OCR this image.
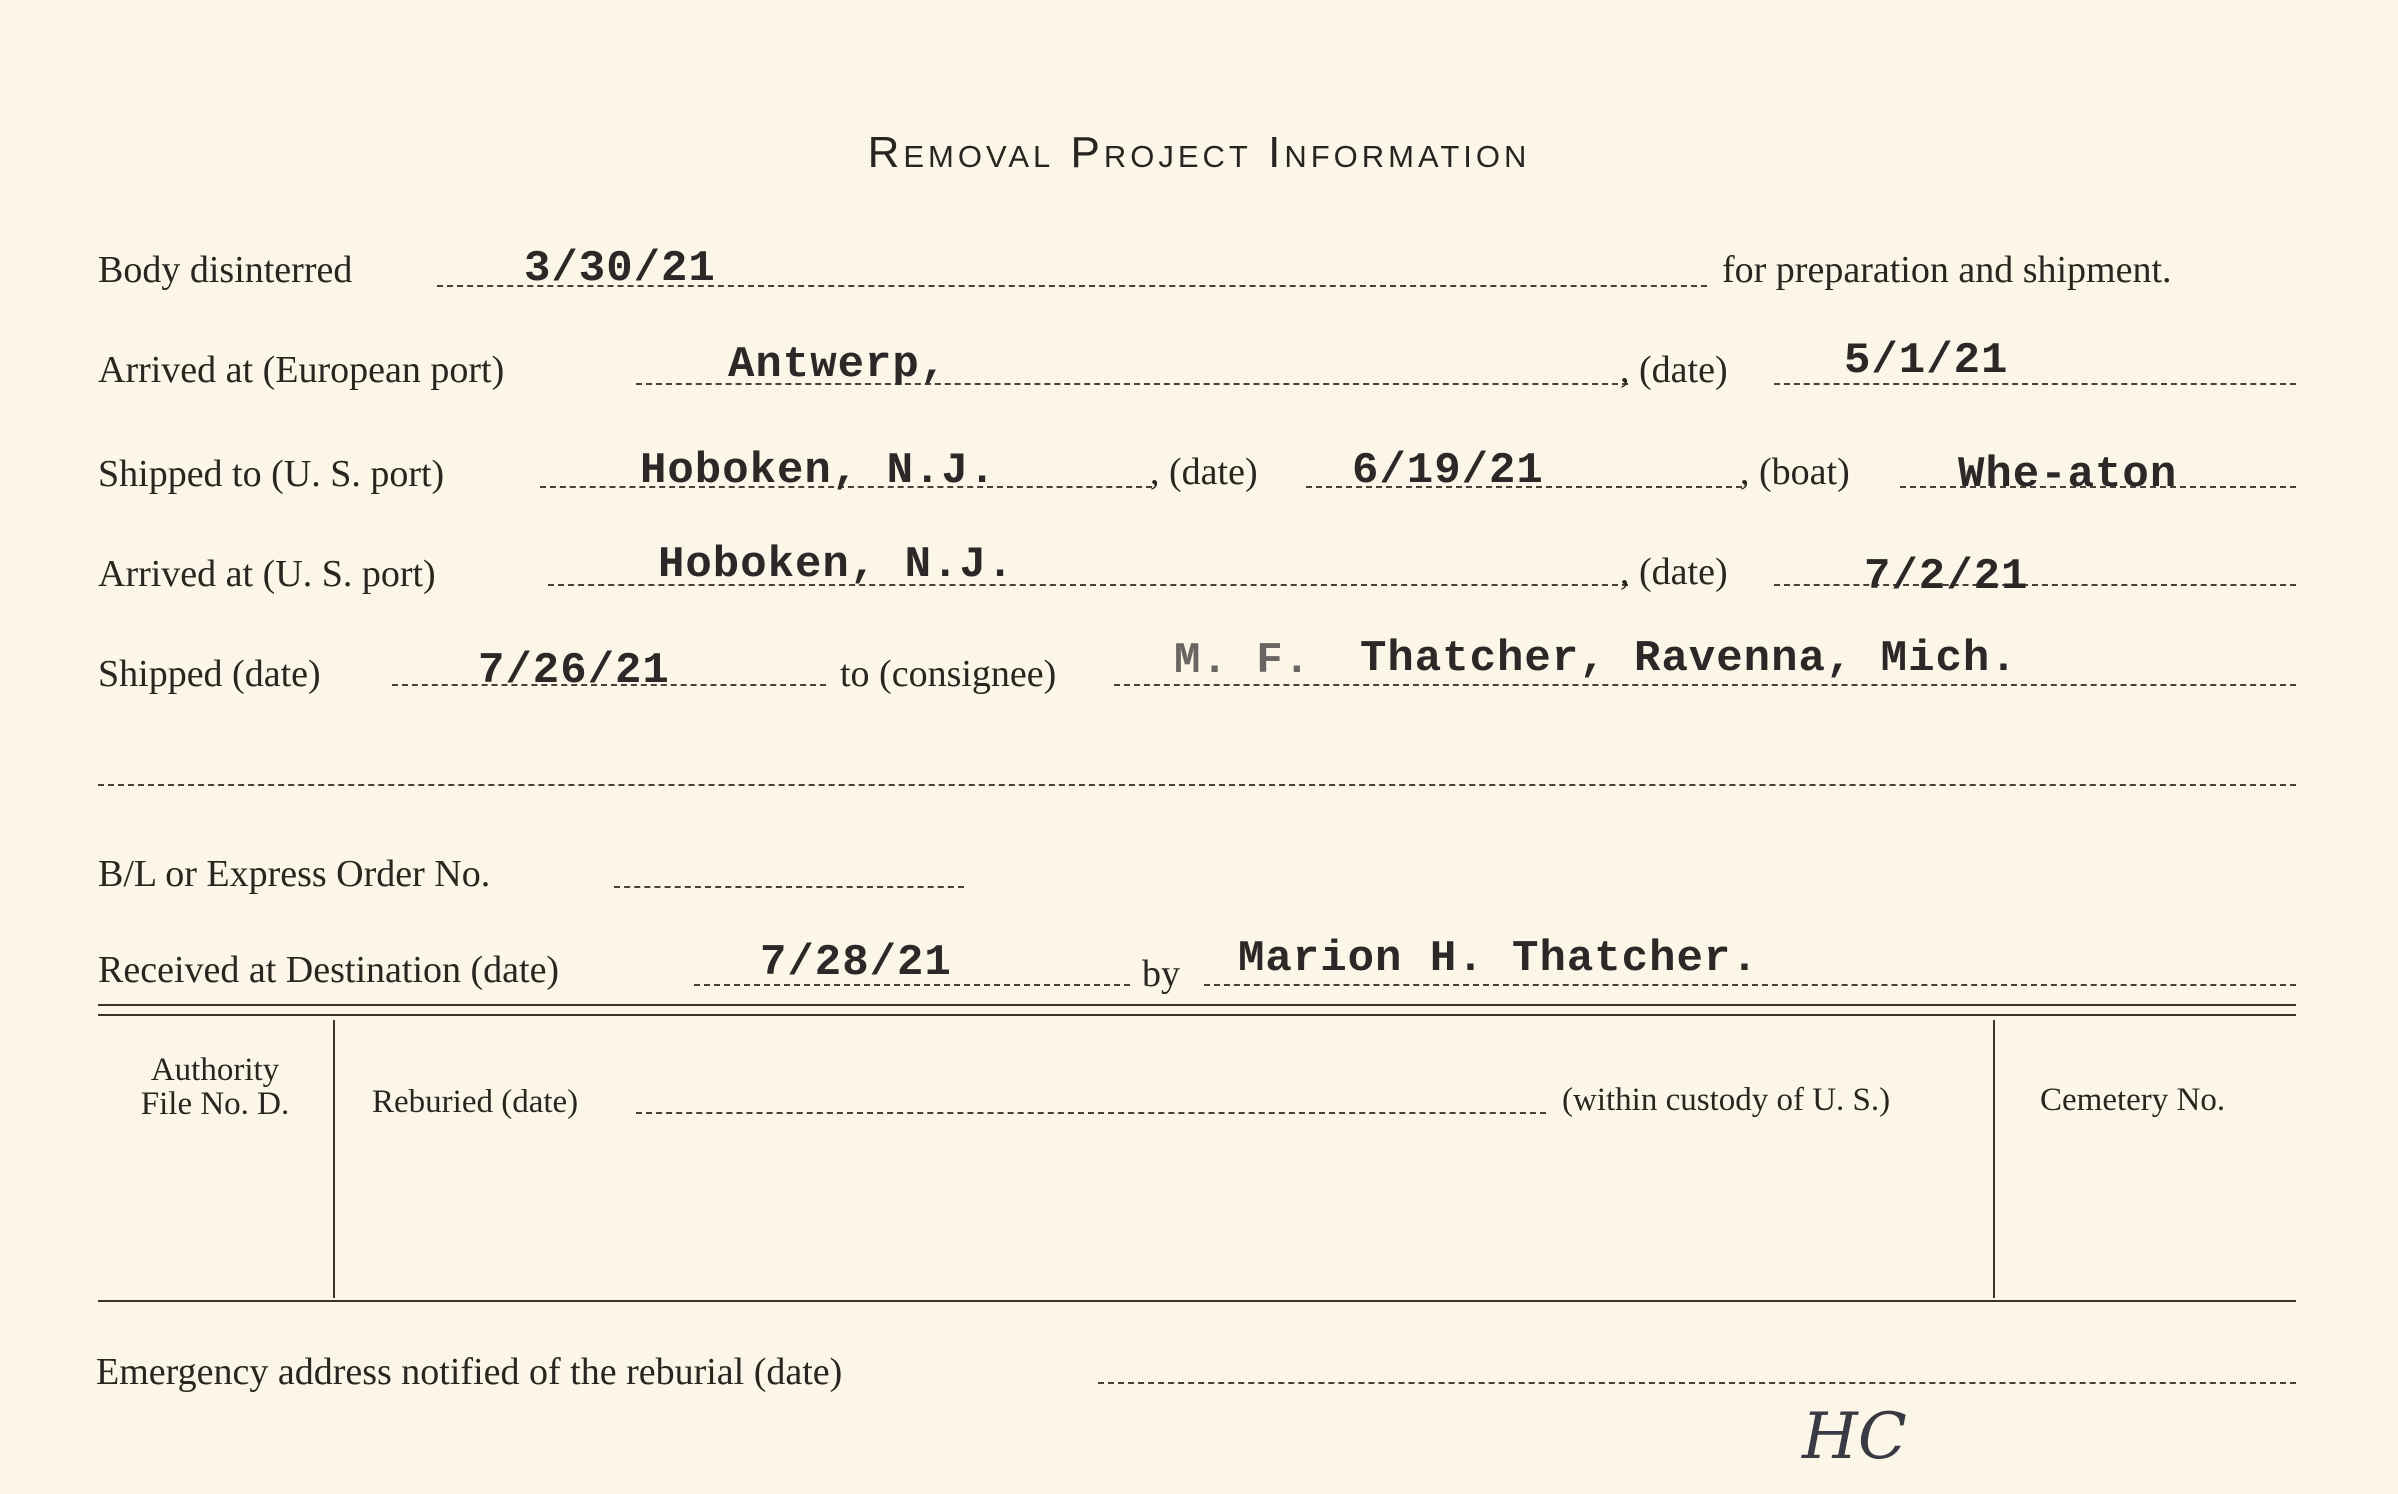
Removal Project Information
Body disinterred	3/30/21	for preparation and shipment.
Arrived at (European port)	Antwerp,	, (date)	5/1/21
Shipped to (U. S. port)	Hoboken, N.J.	, (date) 6/19/21	, (boat) Whe-aton
Arrived at (U. S. port)	Hoboken, N.J.	, (date)	7/2/21
Shipped (date)	7/26/21	to (consignee)	M. F. Thatcher, Ravenna, Mich.
B/L or Express Order No.
Received at Destination (date)	7/28/21	by Marion H. Thatcher.
Authority
File No. D.	Reburied (date)	(within custody of U. S.)	Cemetery No.
Emergency address notified of the reburial (date)
HC
